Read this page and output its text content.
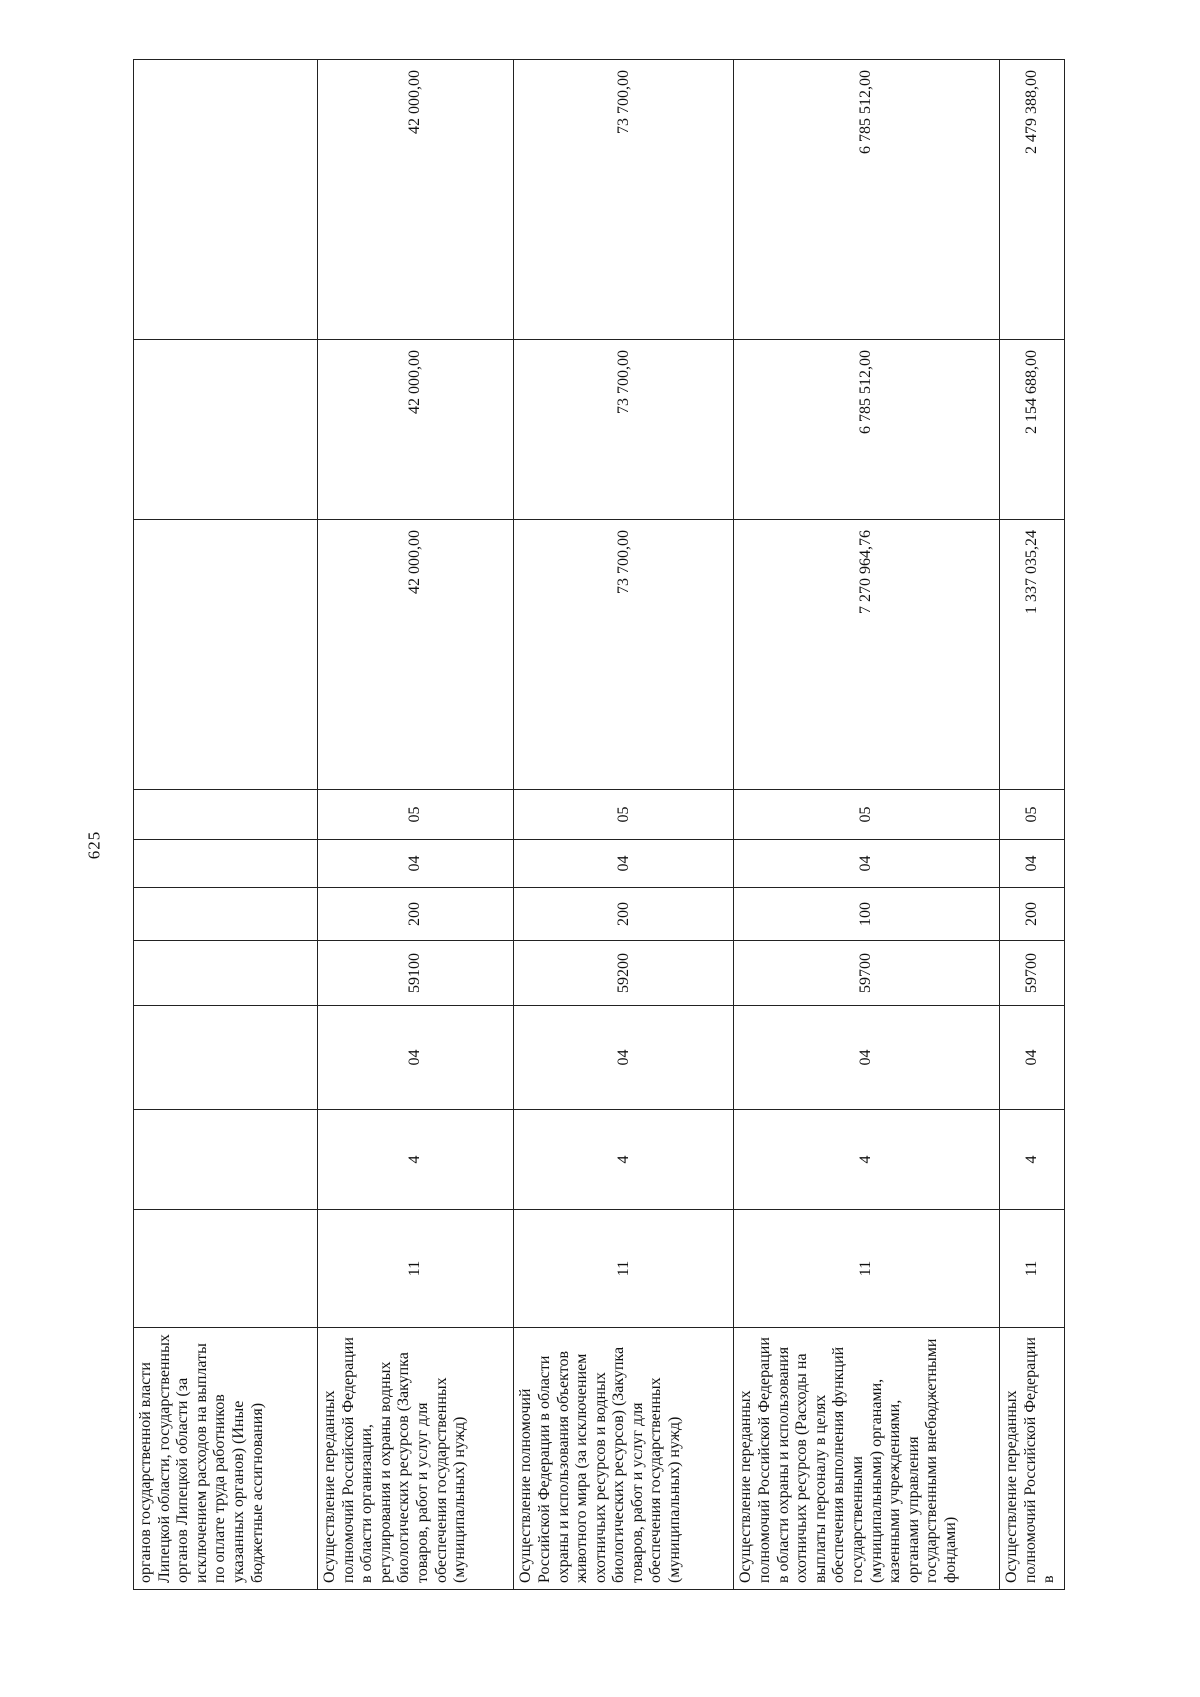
625
органов государственной власти Липецкой области, государственных органов Липецкой области (за исключением расходов на выплаты по оплате труда работников указанных органов) (Иные бюджетные ассигнования)										
Осуществление переданных полномочий Российской Федерации в области организации, регулирования и охраны водных биологических ресурсов (Закупка товаров, работ и услуг для обеспечения государственных (муниципальных) нужд)	11	4	04	59100	200	04	05	42 000,00	42 000,00	42 000,00
Осуществление полномочий Российской Федерации в области охраны и использования объектов животного мира (за исключением охотничьих ресурсов и водных биологических ресурсов) (Закупка товаров, работ и услуг для обеспечения государственных (муниципальных) нужд)	11	4	04	59200	200	04	05	73 700,00	73 700,00	73 700,00
Осуществление переданных полномочий Российской Федерации в области охраны и использования охотничьих ресурсов (Расходы на выплаты персоналу в целях обеспечения выполнения функций государственными (муниципальными) органами, казенными учреждениями, органами управления государственными внебюджетными фондами)	11	4	04	59700	100	04	05	7 270 964,76	6 785 512,00	6 785 512,00
Осуществление переданных полномочий Российской Федерации в	11	4	04	59700	200	04	05	1 337 035,24	2 154 688,00	2 479 388,00
